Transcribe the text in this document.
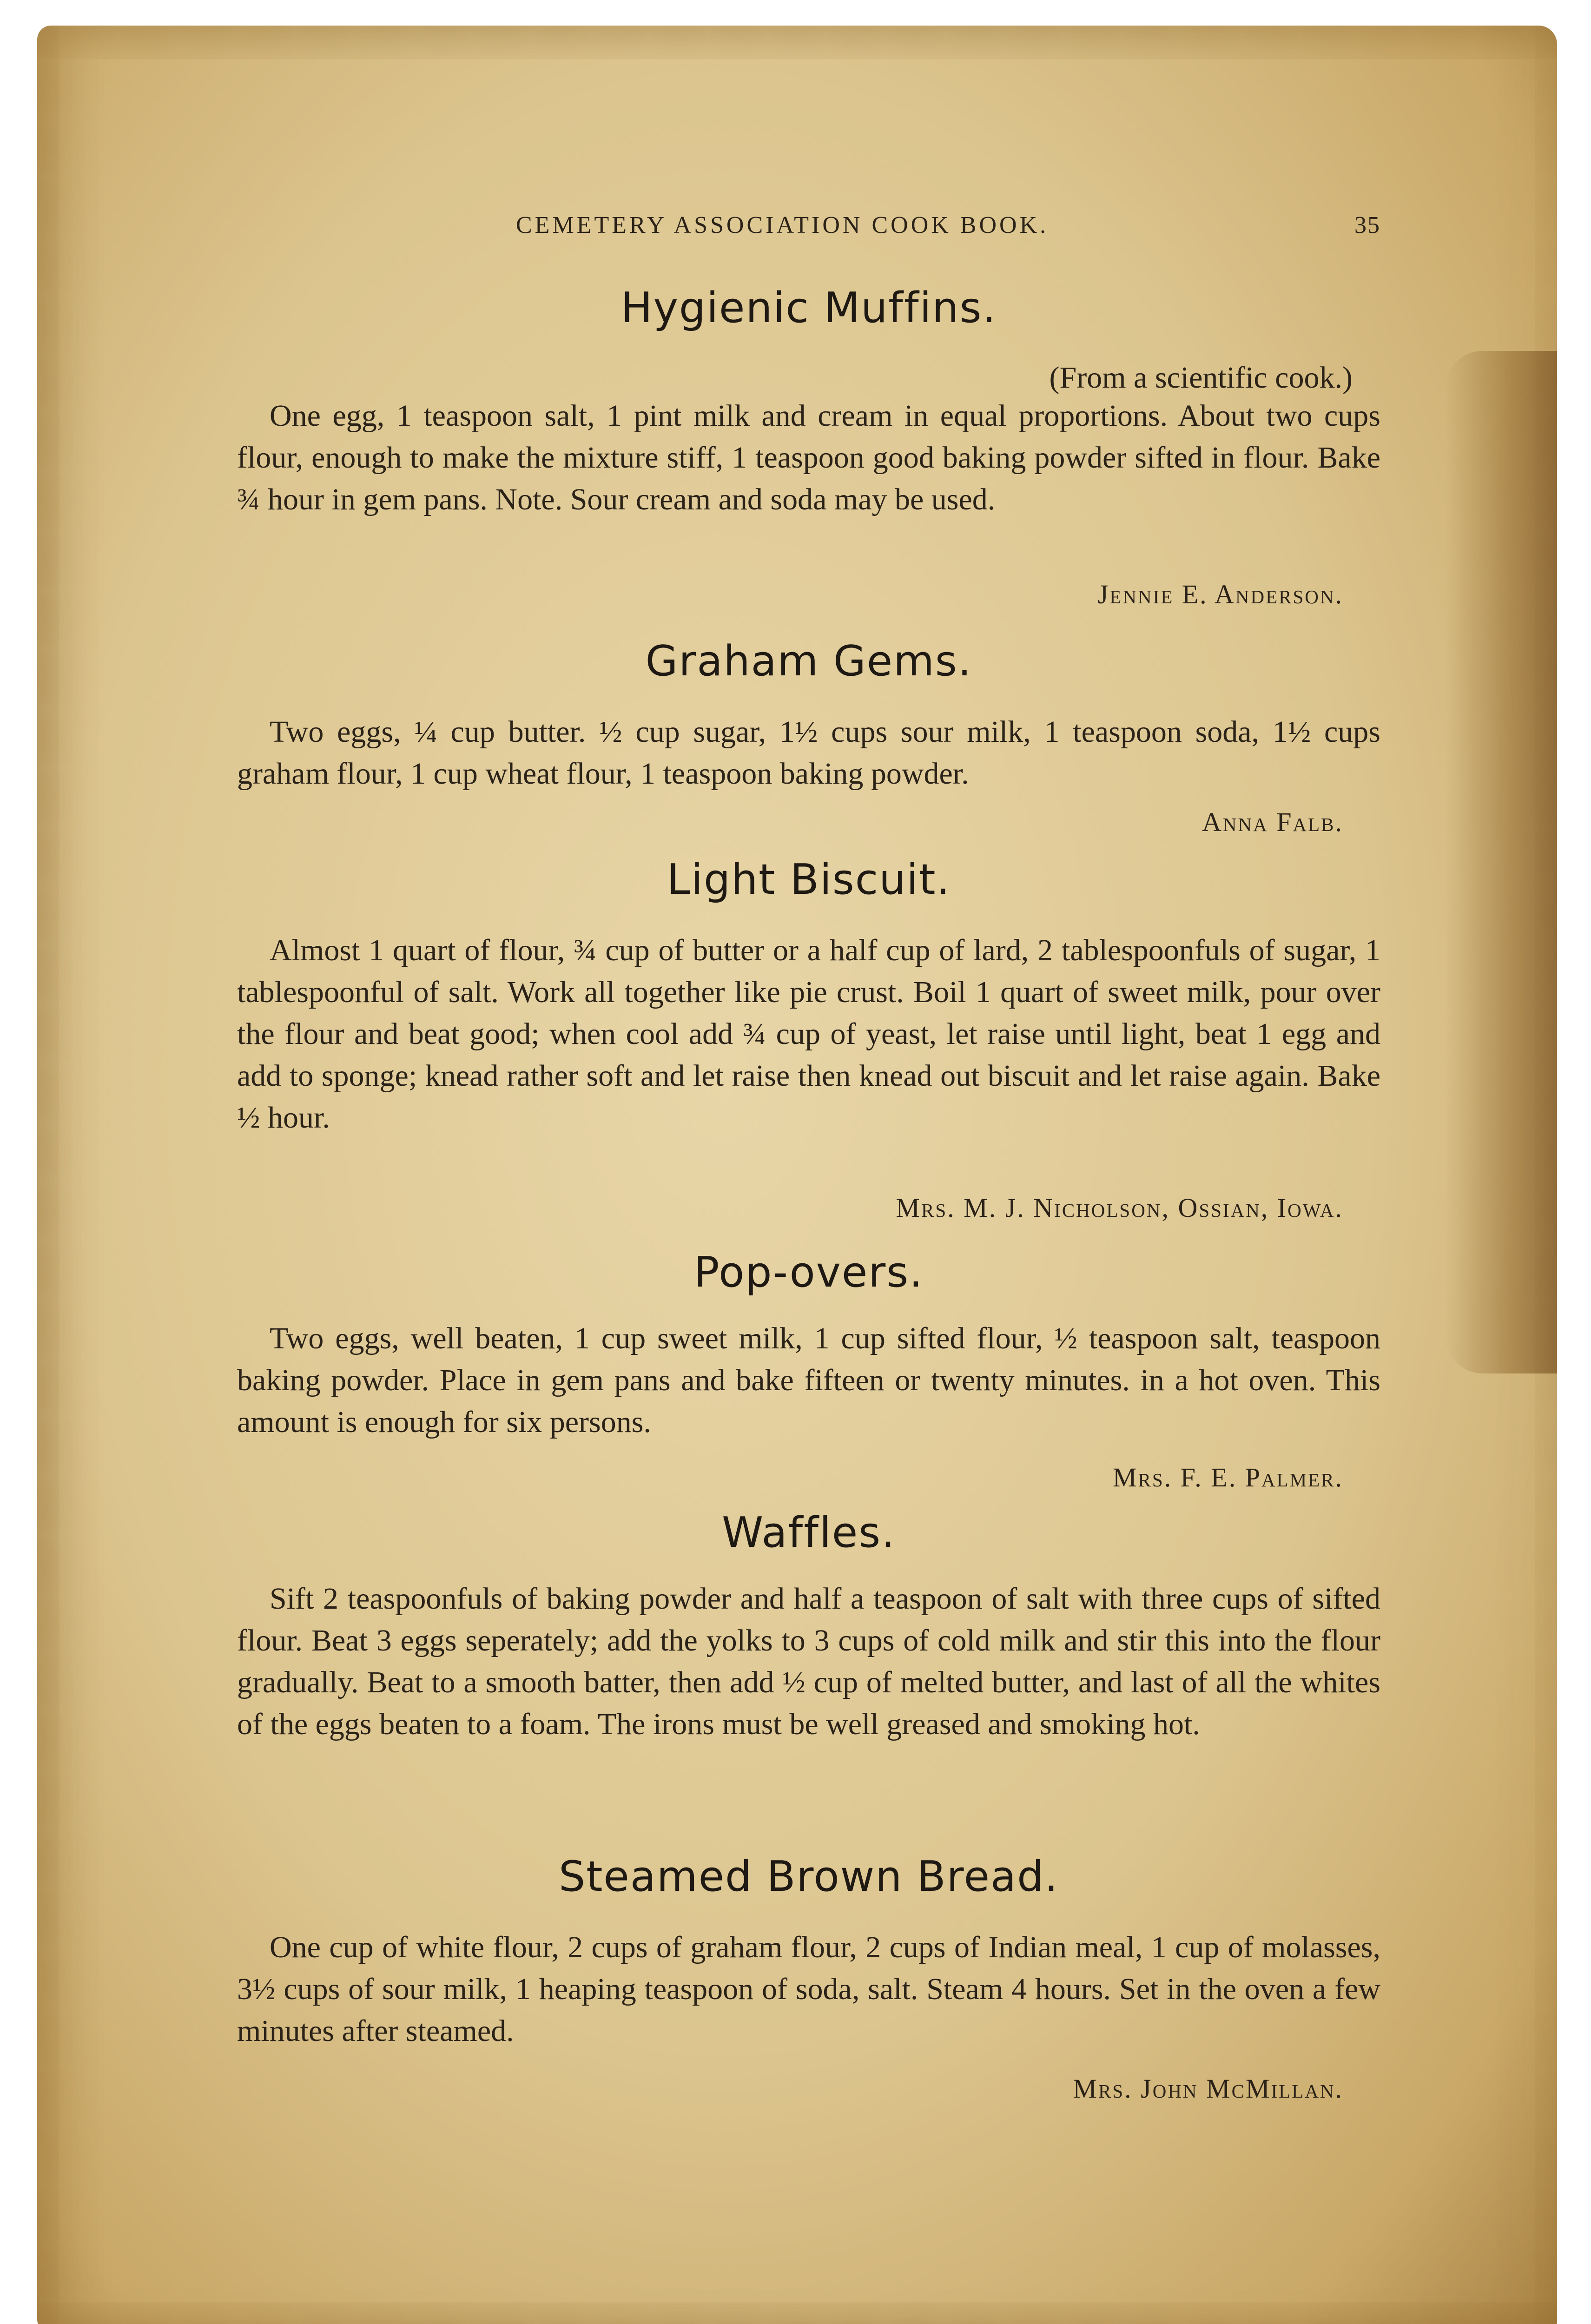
CEMETERY ASSOCIATION COOK BOOK.	35
Hygienic Muffins.
(From a scientific cook.)

One egg, 1 teaspoon salt, 1 pint milk and cream in equal proportions. About two cups flour, enough to make the mixture stiff, 1 teaspoon good baking powder sifted in flour. Bake ¾ hour in gem pans. Note. Sour cream and soda may be used.

Jennie E. Anderson.
Graham Gems.

Two eggs, ¼ cup butter. ½ cup sugar, 1½ cups sour milk, 1 teaspoon soda, 1½ cups graham flour, 1 cup wheat flour, 1 teaspoon baking powder.

Anna Falb.
Light Biscuit.

Almost 1 quart of flour, ¾ cup of butter or a half cup of lard, 2 tablespoonfuls of sugar, 1 tablespoonful of salt. Work all together like pie crust. Boil 1 quart of sweet milk, pour over the flour and beat good; when cool add ¾ cup of yeast, let raise until light, beat 1 egg and add to sponge; knead rather soft and let raise then knead out biscuit and let raise again. Bake ½ hour.

Mrs. M. J. Nicholson, Ossian, Iowa.
Pop-overs.

Two eggs, well beaten, 1 cup sweet milk, 1 cup sifted flour, ½ teaspoon salt, teaspoon baking powder. Place in gem pans and bake fifteen or twenty minutes. in a hot oven. This amount is enough for six persons.

Mrs. F. E. Palmer.
Waffles.

Sift 2 teaspoonfuls of baking powder and half a teaspoon of salt with three cups of sifted flour. Beat 3 eggs seperately; add the yolks to 3 cups of cold milk and stir this into the flour gradually. Beat to a smooth batter, then add ½ cup of melted butter, and last of all the whites of the eggs beaten to a foam. The irons must be well greased and smoking hot.

Steamed Brown Bread.

One cup of white flour, 2 cups of graham flour, 2 cups of Indian meal, 1 cup of molasses, 3½ cups of sour milk, 1 heaping teaspoon of soda, salt. Steam 4 hours. Set in the oven a few minutes after steamed.

Mrs. John McMillan.
